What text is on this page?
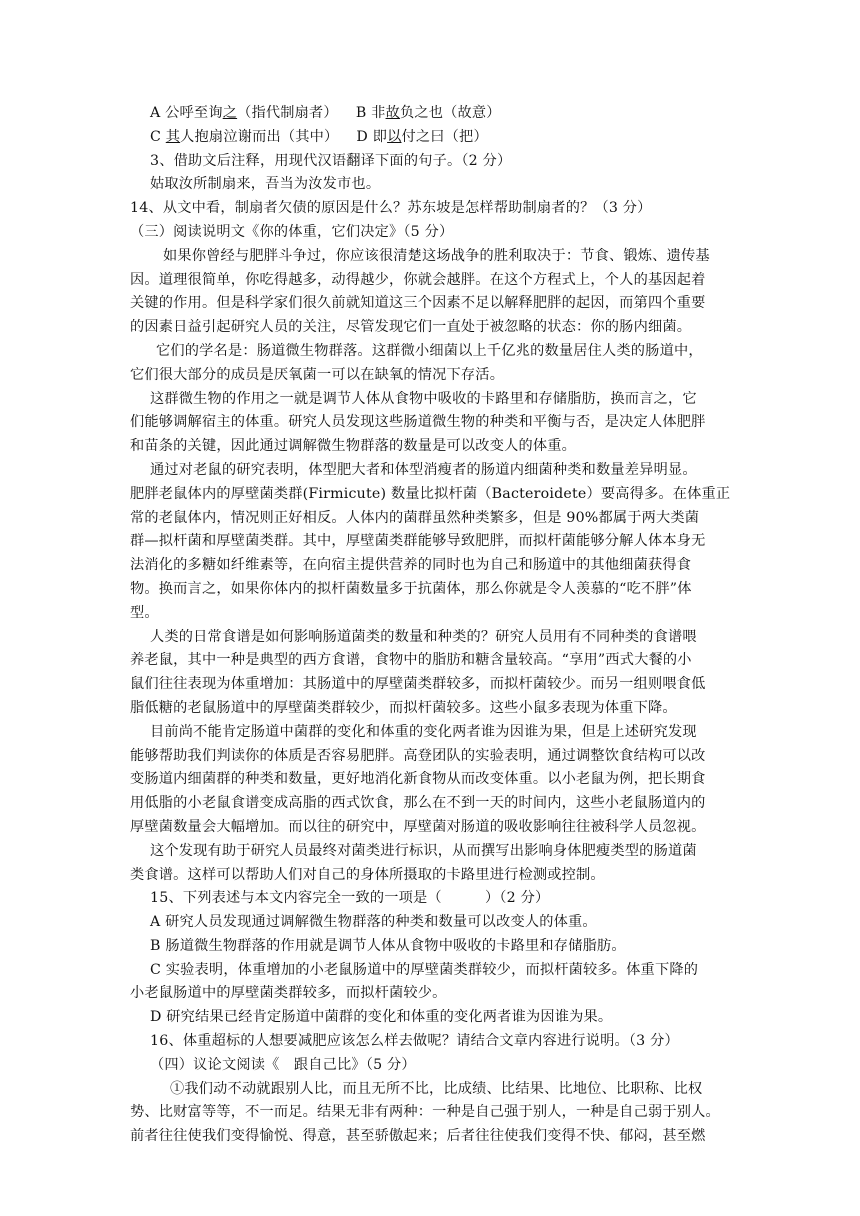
A 公呼至询之（指代制扇者） B 非故负之也（故意）
C 其人抱扇泣谢而出（其中） D 即以付之曰（把）
3、借助文后注释，用现代汉语翻译下面的句子。（2 分）
姑取汝所制扇来，吾当为汝发市也。
14、从文中看，制扇者欠债的原因是什么？苏东坡是怎样帮助制扇者的？（3 分）
（三）阅读说明文《你的体重，它们决定》（5 分）
如果你曾经与肥胖斗争过，你应该很清楚这场战争的胜利取决于：节食、锻炼、遗传基
因。道理很简单，你吃得越多，动得越少，你就会越胖。在这个方程式上，个人的基因起着
关键的作用。但是科学家们很久前就知道这三个因素不足以解释肥胖的起因，而第四个重要
的因素日益引起研究人员的关注，尽管发现它们一直处于被忽略的状态：你的肠内细菌。
它们的学名是：肠道微生物群落。这群微小细菌以上千亿兆的数量居住人类的肠道中，
它们很大部分的成员是厌氧菌一可以在缺氧的情况下存活。
这群微生物的作用之一就是调节人体从食物中吸收的卡路里和存储脂肪，换而言之，它
们能够调解宿主的体重。研究人员发现这些肠道微生物的种类和平衡与否，是决定人体肥胖
和苗条的关键，因此通过调解微生物群落的数量是可以改变人的体重。
通过对老鼠的研究表明，体型肥大者和体型消瘦者的肠道内细菌种类和数量差异明显。
肥胖老鼠体内的厚壁菌类群(Firmicute) 数量比拟杆菌（Bacteroidete）要高得多。在体重正
常的老鼠体内，情况则正好相反。人体内的菌群虽然种类繁多，但是 90%都属于两大类菌
群—拟杆菌和厚壁菌类群。其中，厚壁菌类群能够导致肥胖，而拟杆菌能够分解人体本身无
法消化的多糖如纤维素等，在向宿主提供营养的同时也为自己和肠道中的其他细菌获得食
物。换而言之，如果你体内的拟杆菌数量多于抗菌体，那么你就是令人羡慕的“吃不胖”体
型。
人类的日常食谱是如何影响肠道菌类的数量和种类的？研究人员用有不同种类的食谱喂
养老鼠，其中一种是典型的西方食谱，食物中的脂肪和糖含量较高。“享用”西式大餐的小
鼠们往往表现为体重增加：其肠道中的厚壁菌类群较多，而拟杆菌较少。而另一组则喂食低
脂低糖的老鼠肠道中的厚壁菌类群较少，而拟杆菌较多。这些小鼠多表现为体重下降。
目前尚不能肯定肠道中菌群的变化和体重的变化两者谁为因谁为果，但是上述研究发现
能够帮助我们判读你的体质是否容易肥胖。高登团队的实验表明，通过调整饮食结构可以改
变肠道内细菌群的种类和数量，更好地消化新食物从而改变体重。以小老鼠为例，把长期食
用低脂的小老鼠食谱变成高脂的西式饮食，那么在不到一天的时间内，这些小老鼠肠道内的
厚壁菌数量会大幅增加。而以往的研究中，厚壁菌对肠道的吸收影响往往被科学人员忽视。
这个发现有助于研究人员最终对菌类进行标识，从而撰写出影响身体肥瘦类型的肠道菌
类食谱。这样可以帮助人们对自己的身体所摄取的卡路里进行检测或控制。
15、下列表述与本文内容完全一致的一项是（　　　）（2 分）
A 研究人员发现通过调解微生物群落的种类和数量可以改变人的体重。
B 肠道微生物群落的作用就是调节人体从食物中吸收的卡路里和存储脂肪。
C 实验表明，体重增加的小老鼠肠道中的厚壁菌类群较少，而拟杆菌较多。体重下降的
小老鼠肠道中的厚壁菌类群较多，而拟杆菌较少。
D 研究结果已经肯定肠道中菌群的变化和体重的变化两者谁为因谁为果。
16、体重超标的人想要减肥应该怎么样去做呢？请结合文章内容进行说明。（3 分）
（四）议论文阅读《　跟自己比》（5 分）
①我们动不动就跟别人比，而且无所不比，比成绩、比结果、比地位、比职称、比权
势、比财富等等，不一而足。结果无非有两种：一种是自己强于别人，一种是自己弱于别人。
前者往往使我们变得愉悦、得意，甚至骄傲起来；后者往往使我们变得不快、郁闷，甚至燃
